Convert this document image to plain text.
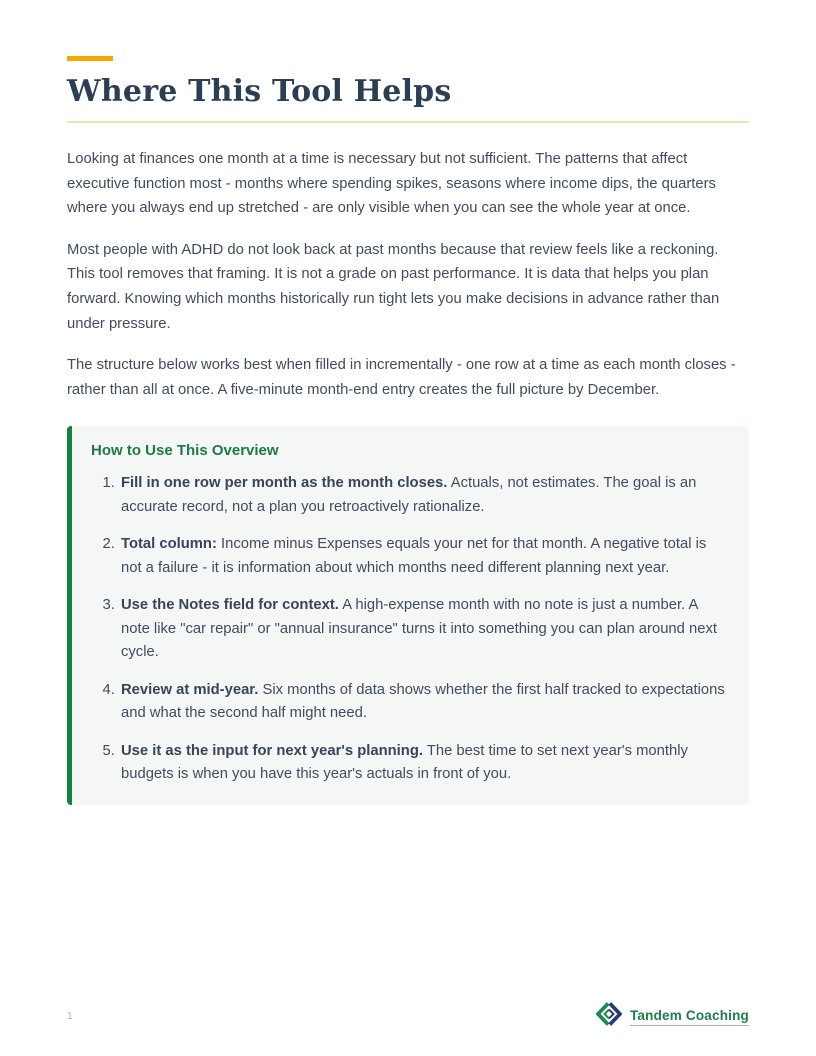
Where This Tool Helps

Looking at finances one month at a time is necessary but not sufficient. The patterns that affect executive function most - months where spending spikes, seasons where income dips, the quarters where you always end up stretched - are only visible when you can see the whole year at once.

Most people with ADHD do not look back at past months because that review feels like a reckoning. This tool removes that framing. It is not a grade on past performance. It is data that helps you plan forward. Knowing which months historically run tight lets you make decisions in advance rather than under pressure.

The structure below works best when filled in incrementally - one row at a time as each month closes - rather than all at once. A five-minute month-end entry creates the full picture by December.

How to Use This Overview
1. Fill in one row per month as the month closes. Actuals, not estimates. The goal is an accurate record, not a plan you retroactively rationalize.
2. Total column: Income minus Expenses equals your net for that month. A negative total is not a failure - it is information about which months need different planning next year.
3. Use the Notes field for context. A high-expense month with no note is just a number. A note like "car repair" or "annual insurance" turns it into something you can plan around next cycle.
4. Review at mid-year. Six months of data shows whether the first half tracked to expectations and what the second half might need.
5. Use it as the input for next year's planning. The best time to set next year's monthly budgets is when you have this year's actuals in front of you.
1	Tandem Coaching
